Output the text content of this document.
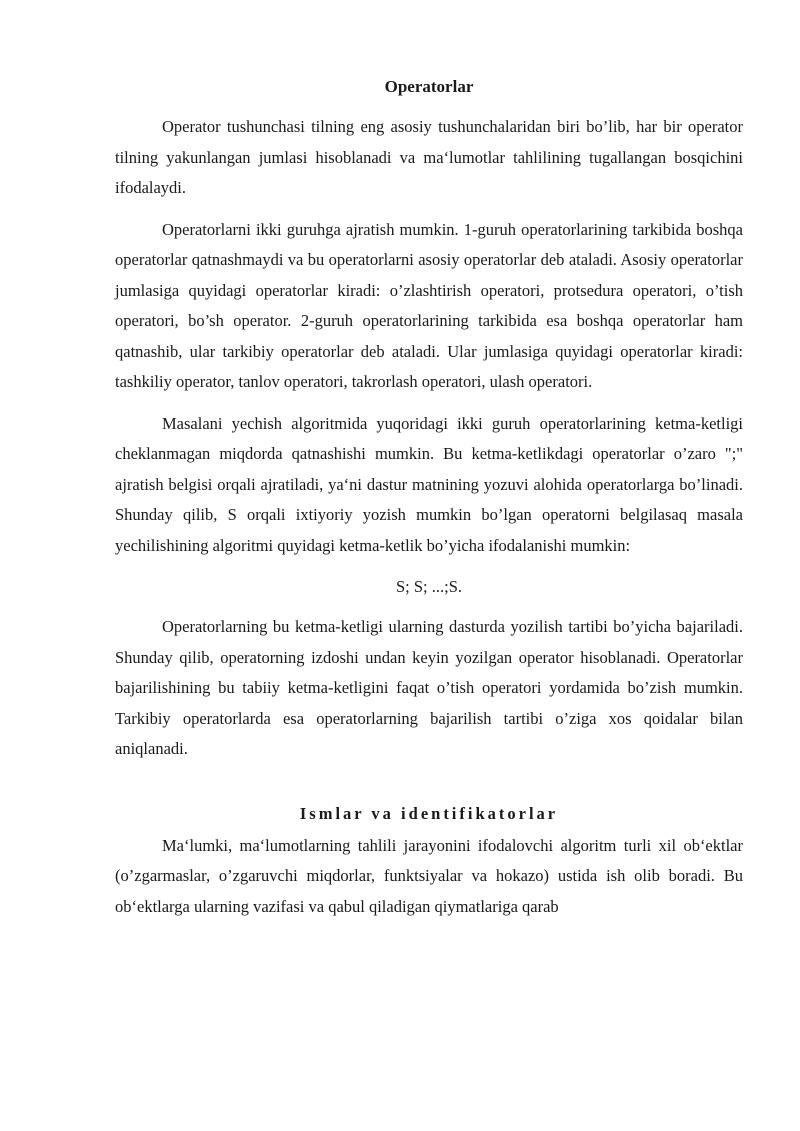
Operatorlar

Operator tushunchasi tilning eng asosiy tushunchalaridan biri bo’lib, har bir operator tilning yakunlangan jumlasi hisoblanadi va ma‘lumotlar tahlilining tugallangan bosqichini ifodalaydi.

Operatorlarni ikki guruhga ajratish mumkin. 1-guruh operatorlarining tarkibida boshqa operatorlar qatnashmaydi va bu operatorlarni asosiy operatorlar deb ataladi. Asosiy operatorlar jumlasiga quyidagi operatorlar kiradi: o’zlashtirish operatori, protsedura operatori, o’tish operatori, bo’sh operator. 2-guruh operatorlarining tarkibida esa boshqa operatorlar ham qatnashib, ular tarkibiy operatorlar deb ataladi. Ular jumlasiga quyidagi operatorlar kiradi: tashkiliy operator, tanlov operatori, takrorlash operatori, ulash operatori.

Masalani yechish algoritmida yuqoridagi ikki guruh operatorlarining ketma-ketligi cheklanmagan miqdorda qatnashishi mumkin. Bu ketma-ketlikdagi operatorlar o’zaro ";" ajratish belgisi orqali ajratiladi, ya‘ni dastur matnining yozuvi alohida operatorlarga bo’linadi. Shunday qilib, S orqali ixtiyoriy yozish mumkin bo’lgan operatorni belgilasaq masala yechilishining algoritmi quyidagi ketma-ketlik bo’yicha ifodalanishi mumkin:

S; S; ...;S.

Operatorlarning bu ketma-ketligi ularning dasturda yozilish tartibi bo’yicha bajariladi. Shunday qilib, operatorning izdoshi undan keyin yozilgan operator hisoblanadi. Operatorlar bajarilishining bu tabiiy ketma-ketligini faqat o’tish operatori yordamida bo’zish mumkin. Tarkibiy operatorlarda esa operatorlarning bajarilish tartibi o’ziga xos qoidalar bilan aniqlanadi.

Ismlar va identifikatorlar

Ma‘lumki, ma‘lumotlarning tahlili jarayonini ifodalovchi algoritm turli xil ob‘ektlar (o’zgarmaslar, o’zgaruvchi miqdorlar, funktsiyalar va hokazo) ustida ish olib boradi. Bu ob‘ektlarga ularning vazifasi va qabul qiladigan qiymatlariga qarab
